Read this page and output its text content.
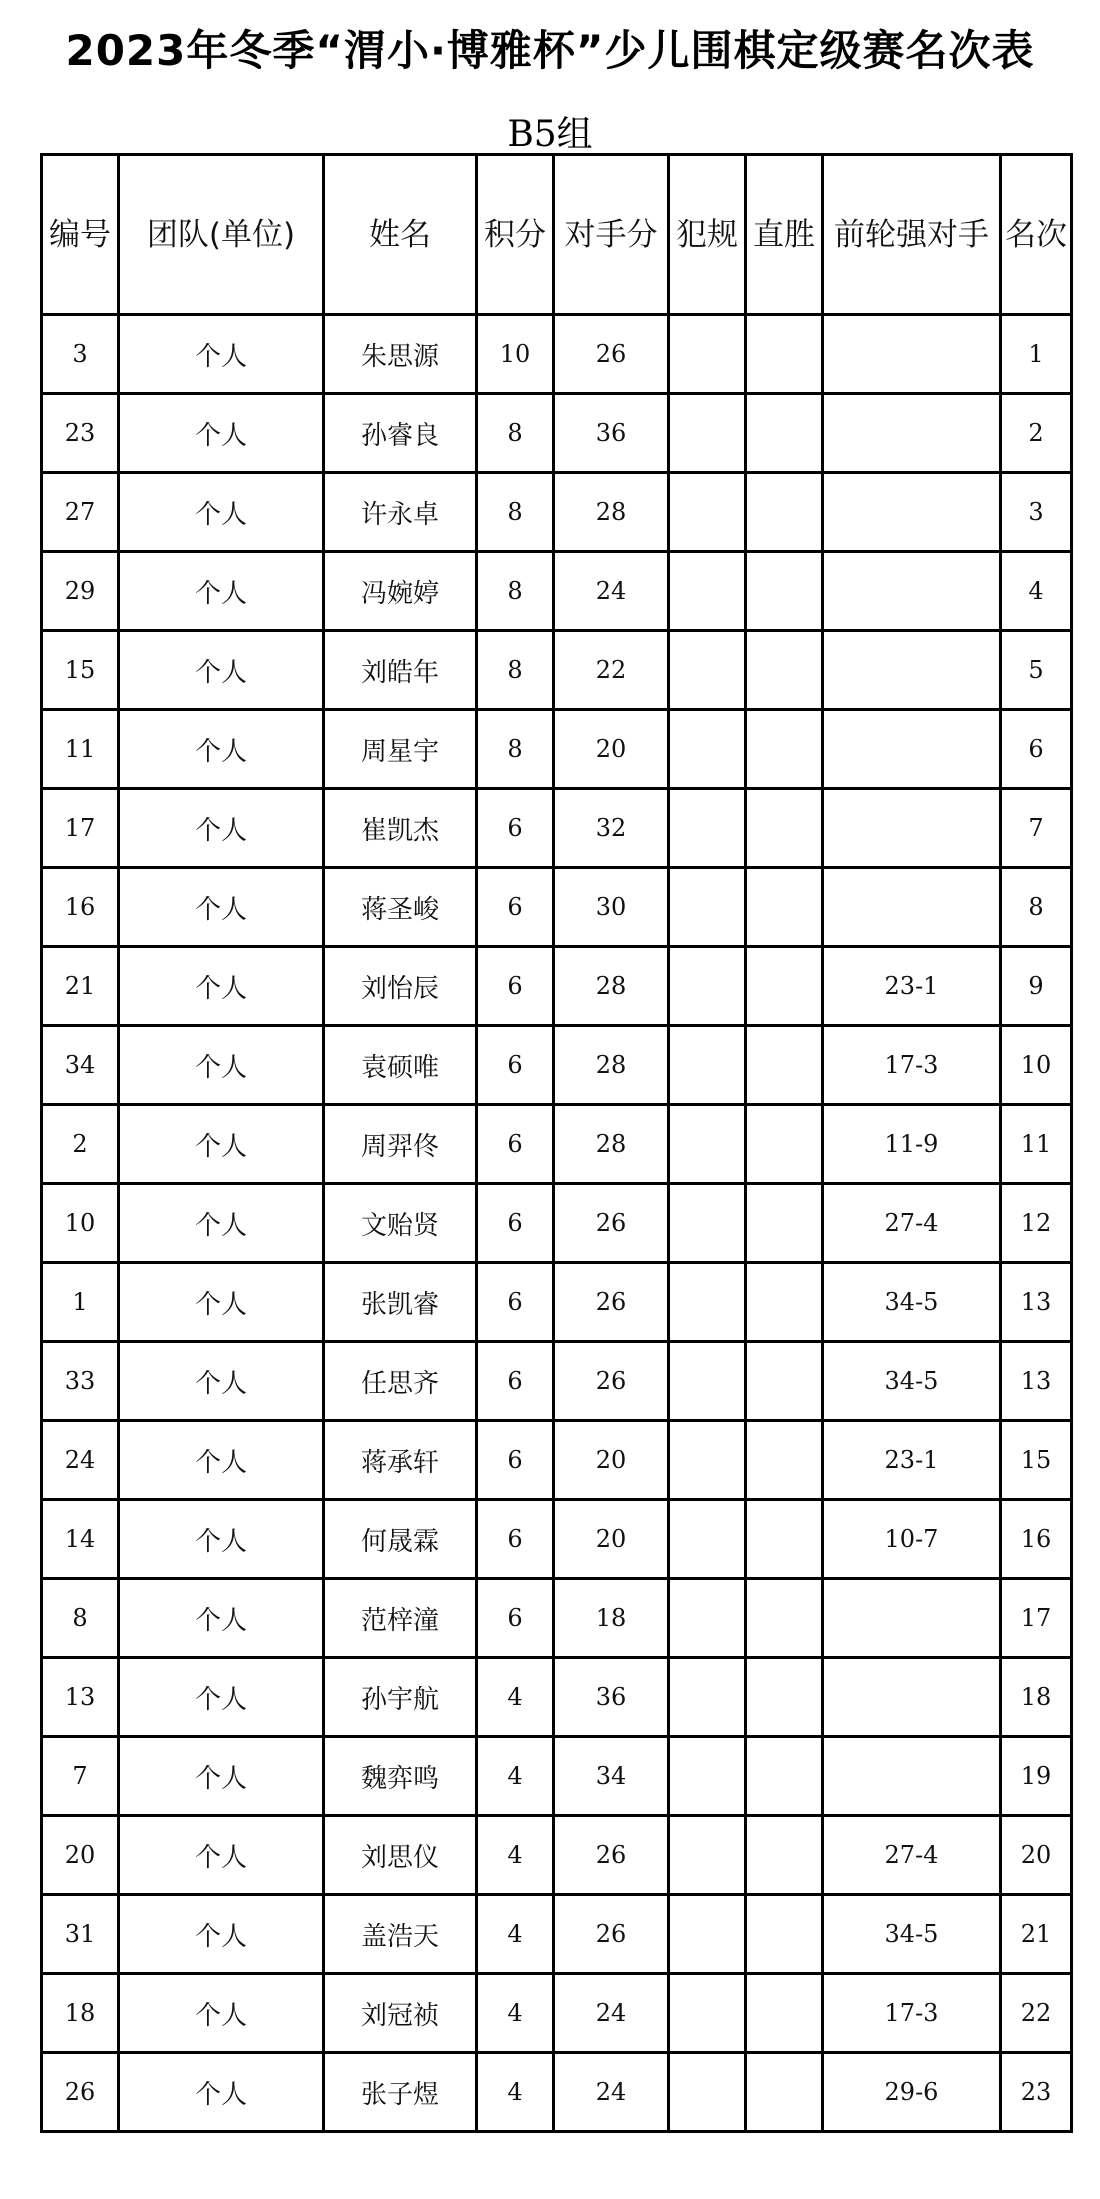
2023年冬季“渭小·博雅杯”少儿围棋定级赛名次表
B5组
编号	团队(单位)	姓名	积分	对手分	犯规	直胜	前轮强对手	名次
3	个人	朱思源	10	26				1
23	个人	孙睿良	8	36				2
27	个人	许永卓	8	28				3
29	个人	冯婉婷	8	24				4
15	个人	刘皓年	8	22				5
11	个人	周星宇	8	20				6
17	个人	崔凯杰	6	32				7
16	个人	蒋圣峻	6	30				8
21	个人	刘怡辰	6	28			23-1	9
34	个人	袁硕唯	6	28			17-3	10
2	个人	周羿佟	6	28			11-9	11
10	个人	文贻贤	6	26			27-4	12
1	个人	张凯睿	6	26			34-5	13
33	个人	任思齐	6	26			34-5	13
24	个人	蒋承轩	6	20			23-1	15
14	个人	何晟霖	6	20			10-7	16
8	个人	范梓潼	6	18				17
13	个人	孙宇航	4	36				18
7	个人	魏弈鸣	4	34				19
20	个人	刘思仪	4	26			27-4	20
31	个人	盖浩天	4	26			34-5	21
18	个人	刘冠祯	4	24			17-3	22
26	个人	张子煜	4	24			29-6	23
